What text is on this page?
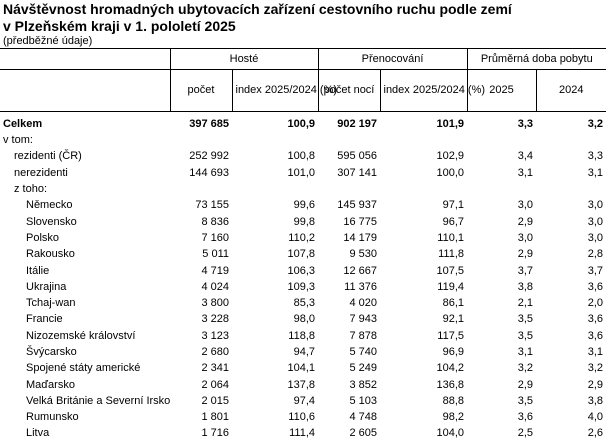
Návštěvnost hromadných ubytovacích zařízení cestovního ruchu podle zemí
v Plzeňském kraji v 1. pololetí 2025
(předběžné údaje)
	Hosté		Přenocování		Průměrná doba pobytu	
	počet	index 2025/2024 (%)	počet nocí	index 2025/2024 (%)	2025	2024
Celkem	397 685	100,9	902 197	101,9	3,3	3,2
v tom:						
rezidenti (ČR)	252 992	100,8	595 056	102,9	3,4	3,3
nerezidenti	144 693	101,0	307 141	100,0	3,1	3,1
z toho:						
Německo	73 155	99,6	145 937	97,1	3,0	3,0
Slovensko	8 836	99,8	16 775	96,7	2,9	3,0
Polsko	7 160	110,2	14 179	110,1	3,0	3,0
Rakousko	5 011	107,8	9 530	111,8	2,9	2,8
Itálie	4 719	106,3	12 667	107,5	3,7	3,7
Ukrajina	4 024	109,3	11 376	119,4	3,8	3,6
Tchaj-wan	3 800	85,3	4 020	86,1	2,1	2,0
Francie	3 228	98,0	7 943	92,1	3,5	3,6
Nizozemské království	3 123	118,8	7 878	117,5	3,5	3,6
Švýcarsko	2 680	94,7	5 740	96,9	3,1	3,1
Spojené státy americké	2 341	104,1	5 249	104,2	3,2	3,2
Maďarsko	2 064	137,8	3 852	136,8	2,9	2,9
Velká Británie a Severní Irsko	2 015	97,4	5 103	88,8	3,5	3,8
Rumunsko	1 801	110,6	4 748	98,2	3,6	4,0
Litva	1 716	111,4	2 605	104,0	2,5	2,6
